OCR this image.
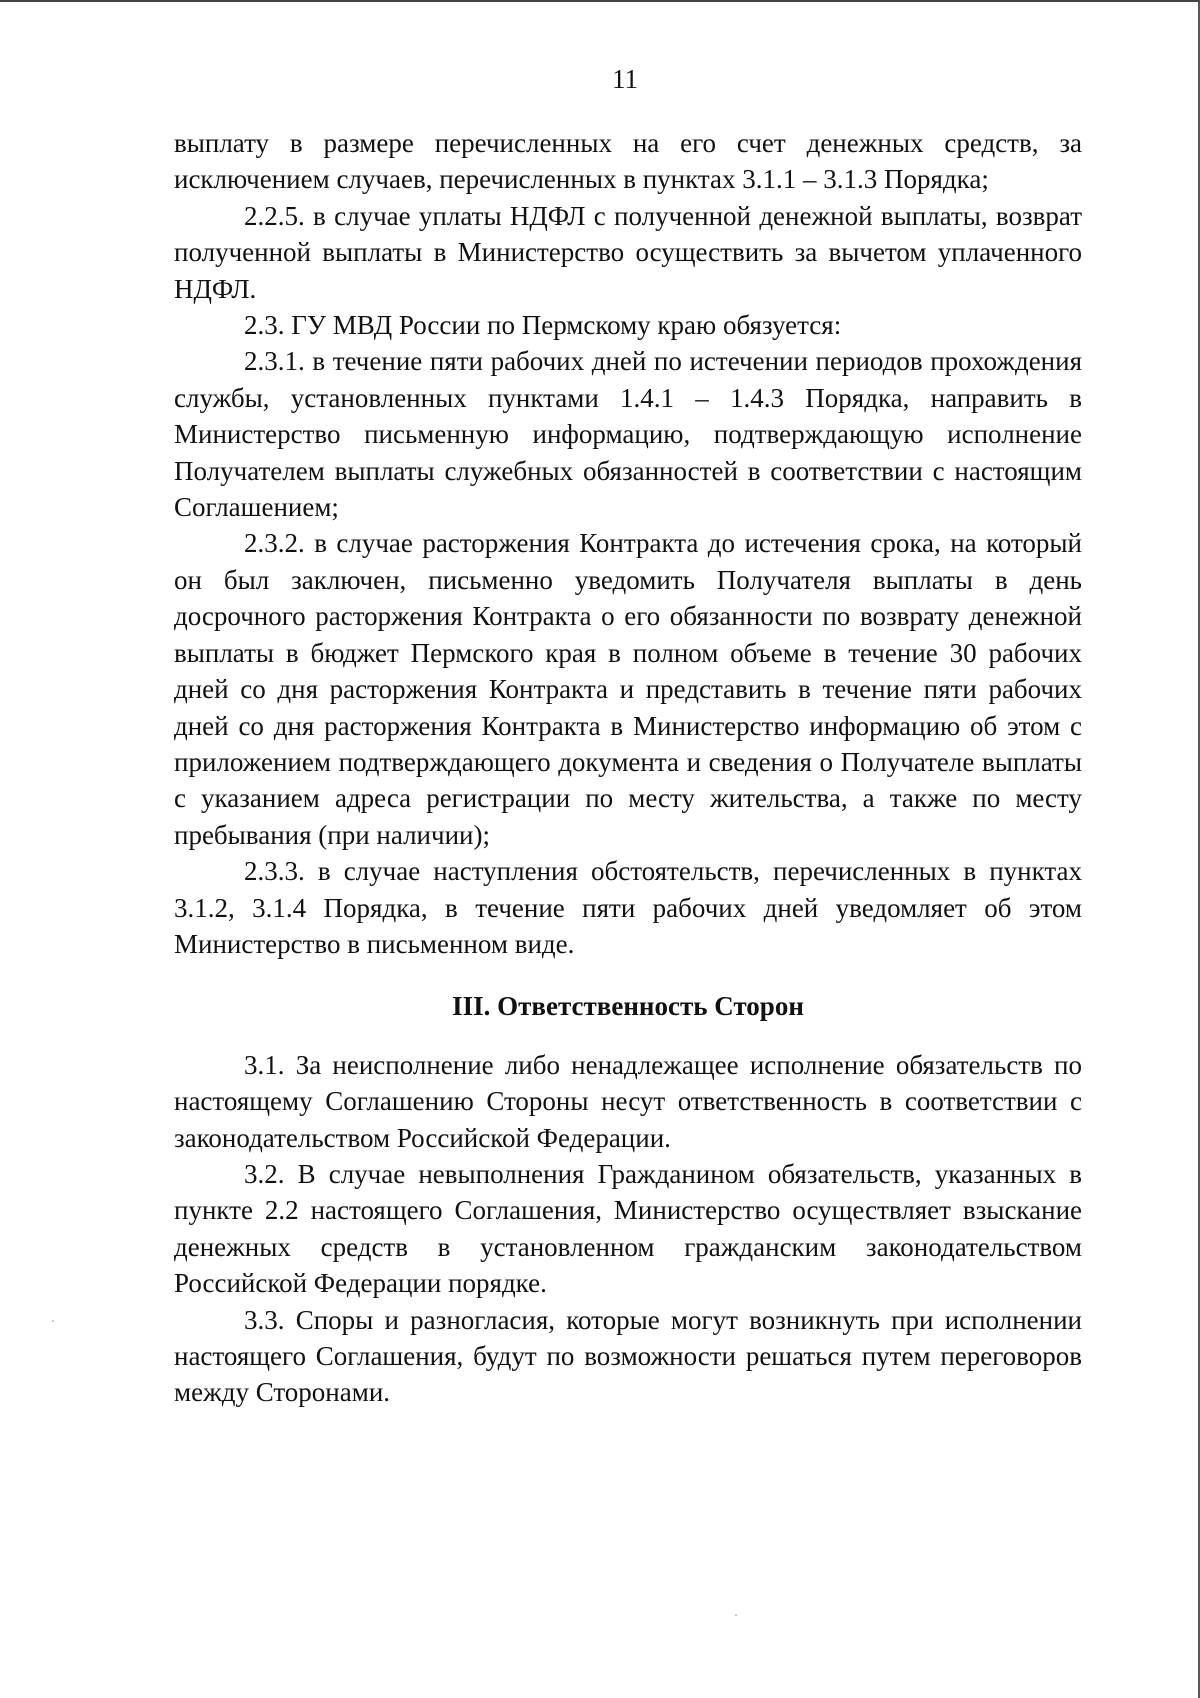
11

выплату в размере перечисленных на его счет денежных средств, за исключением случаев, перечисленных в пунктах 3.1.1 – 3.1.3 Порядка;

2.2.5. в случае уплаты НДФЛ с полученной денежной выплаты, возврат полученной выплаты в Министерство осуществить за вычетом уплаченного НДФЛ.

2.3. ГУ МВД России по Пермскому краю обязуется:

2.3.1. в течение пяти рабочих дней по истечении периодов прохождения службы, установленных пунктами 1.4.1 – 1.4.3 Порядка, направить в Министерство письменную информацию, подтверждающую исполнение Получателем выплаты служебных обязанностей в соответствии с настоящим Соглашением;

2.3.2. в случае расторжения Контракта до истечения срока, на который он был заключен, письменно уведомить Получателя выплаты в день досрочного расторжения Контракта о его обязанности по возврату денежной выплаты в бюджет Пермского края в полном объеме в течение 30 рабочих дней со дня расторжения Контракта и представить в течение пяти рабочих дней со дня расторжения Контракта в Министерство информацию об этом с приложением подтверждающего документа и сведения о Получателе выплаты с указанием адреса регистрации по месту жительства, а также по месту пребывания (при наличии);

2.3.3. в случае наступления обстоятельств, перечисленных в пунктах 3.1.2, 3.1.4 Порядка, в течение пяти рабочих дней уведомляет об этом Министерство в письменном виде.

III. Ответственность Сторон

3.1. За неисполнение либо ненадлежащее исполнение обязательств по настоящему Соглашению Стороны несут ответственность в соответствии с законодательством Российской Федерации.

3.2. В случае невыполнения Гражданином обязательств, указанных в пункте 2.2 настоящего Соглашения, Министерство осуществляет взыскание денежных средств в установленном гражданским законодательством Российской Федерации порядке.

3.3. Споры и разногласия, которые могут возникнуть при исполнении настоящего Соглашения, будут по возможности решаться путем переговоров между Сторонами.
